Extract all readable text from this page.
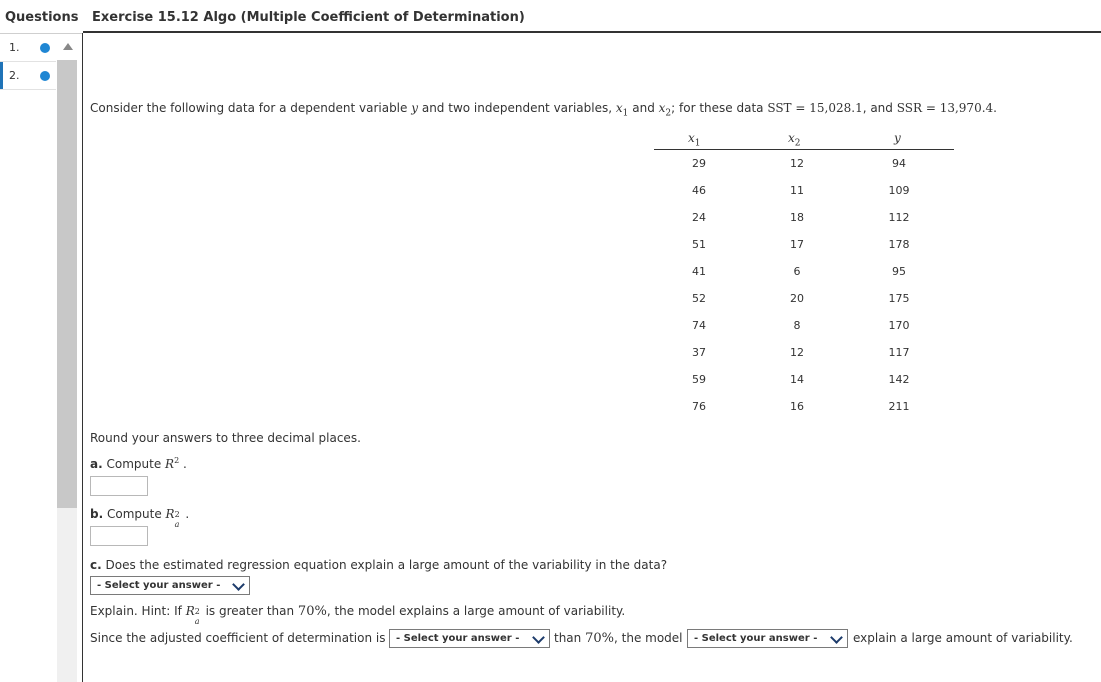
Questions
1.
2.
Exercise 15.12 Algo (Multiple Coefficient of Determination)
Consider the following data for a dependent variable y and two independent variables, $x_1$ and $x_2$; for these data SST = 15,028.1, and SSR = 13,970.4.
$x_1$	$x_2$	y
29	12	94
46	11	109
24	18	112
51	17	178
41	6	95
52	20	175
74	8	170
37	12	117
59	14	142
76	16	211
Round your answers to three decimal places.
a. Compute $R^2$ .
b. Compute R 2
a
.
c. Does the estimated regression equation explain a large amount of the variability in the data?
- Select your answer -
Explain. Hint: If R 2
a
is greater than 70%, the model explains a large amount of variability.
Since the adjusted coefficient of determination is - Select your answer -	than 70%, the model - Select your answer -	explain a large amount of variability.
